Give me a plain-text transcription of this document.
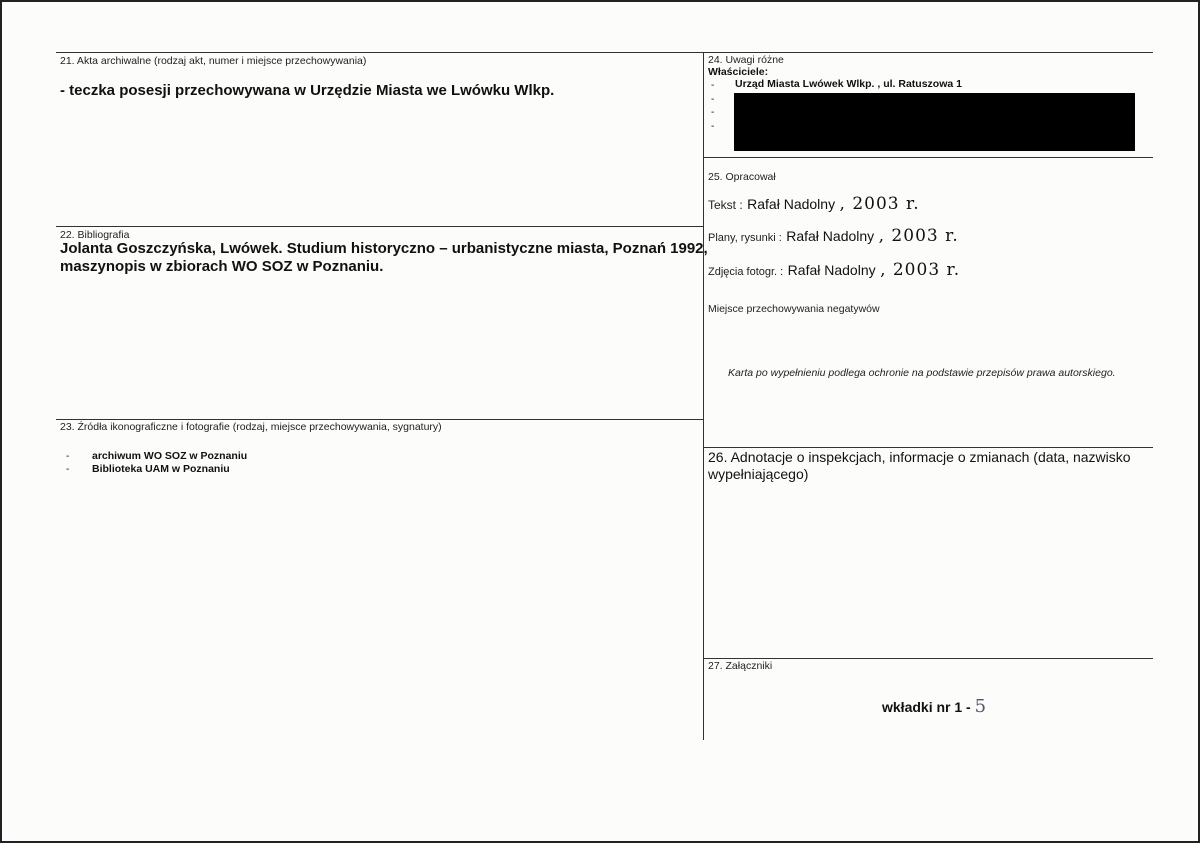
21. Akta archiwalne (rodzaj akt, numer i miejsce przechowywania)
- teczka posesji przechowywana w Urzędzie Miasta we Lwówku Wlkp.
22. Bibliografia
Jolanta Goszczyńska, Lwówek. Studium historyczno – urbanistyczne miasta, Poznań 1992,
maszynopis w zbiorach WO SOZ w Poznaniu.
23. Źródła ikonograficzne i fotografie (rodzaj, miejsce przechowywania, sygnatury)
- archiwum WO SOZ w Poznaniu
- Biblioteka UAM w Poznaniu
24. Uwagi różne
Właściciele:
- Urząd Miasta Lwówek Wlkp. , ul. Ratuszowa 1
-
-
-
25. Opracował
Tekst : Rafał Nadolny , 2003 r.
Plany, rysunki : Rafał Nadolny , 2003 r.
Zdjęcia fotogr. : Rafał Nadolny , 2003 r.
Miejsce przechowywania negatywów
Karta po wypełnieniu podlega ochronie na podstawie przepisów prawa autorskiego.
26. Adnotacje o inspekcjach, informacje o zmianach (data, nazwisko
wypełniającego)
27. Załączniki
wkładki nr 1 - 5
